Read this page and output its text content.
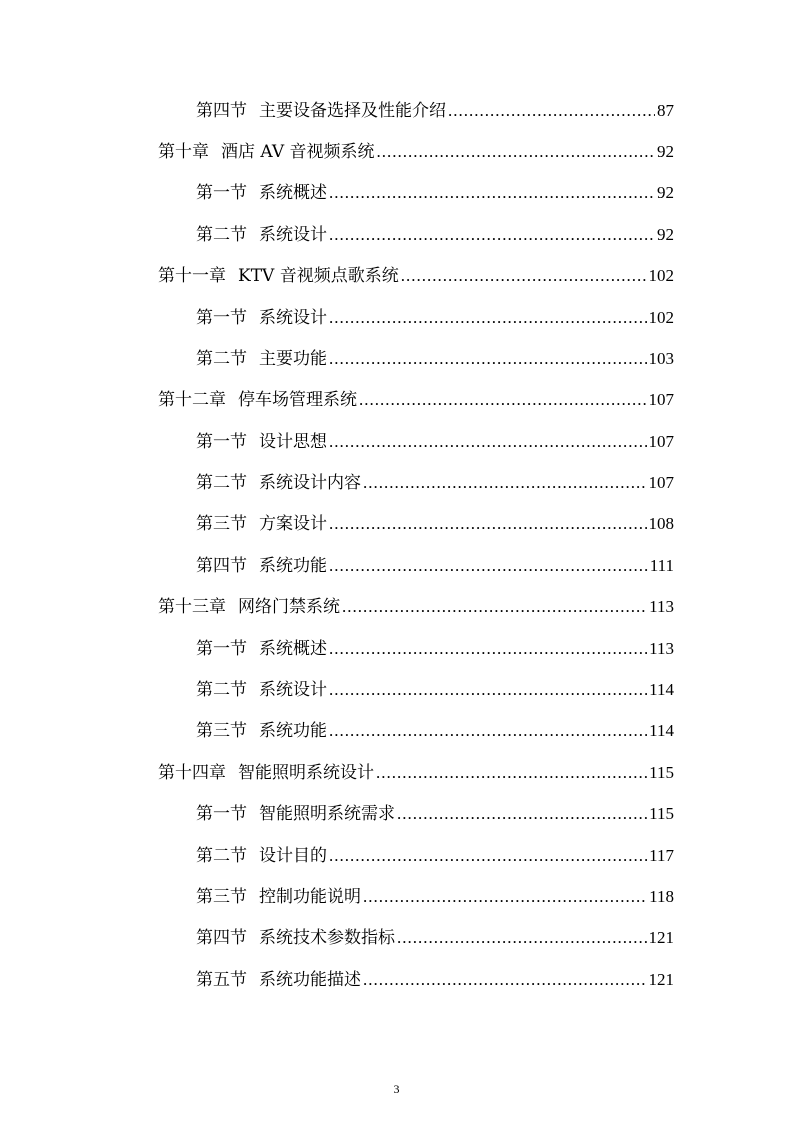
第四节 主要设备选择及性能介绍 .....	87
第十章 酒店 AV 音视频系统 .....	92
第一节 系统概述 .....	92
第二节 系统设计 .....	92
第十一章 KTV 音视频点歌系统 .....	102
第一节 系统设计 .....	102
第二节 主要功能 .....	103
第十二章 停车场管理系统 .....	107
第一节 设计思想 .....	107
第二节 系统设计内容 .....	107
第三节 方案设计 .....	108
第四节 系统功能 .....	111
第十三章 网络门禁系统 .....	113
第一节 系统概述 .....	113
第二节 系统设计 .....	114
第三节 系统功能 .....	114
第十四章 智能照明系统设计 .....	115
第一节 智能照明系统需求 .....	115
第二节 设计目的 .....	117
第三节 控制功能说明 .....	118
第四节 系统技术参数指标 .....	121
第五节 系统功能描述 .....	121
3
